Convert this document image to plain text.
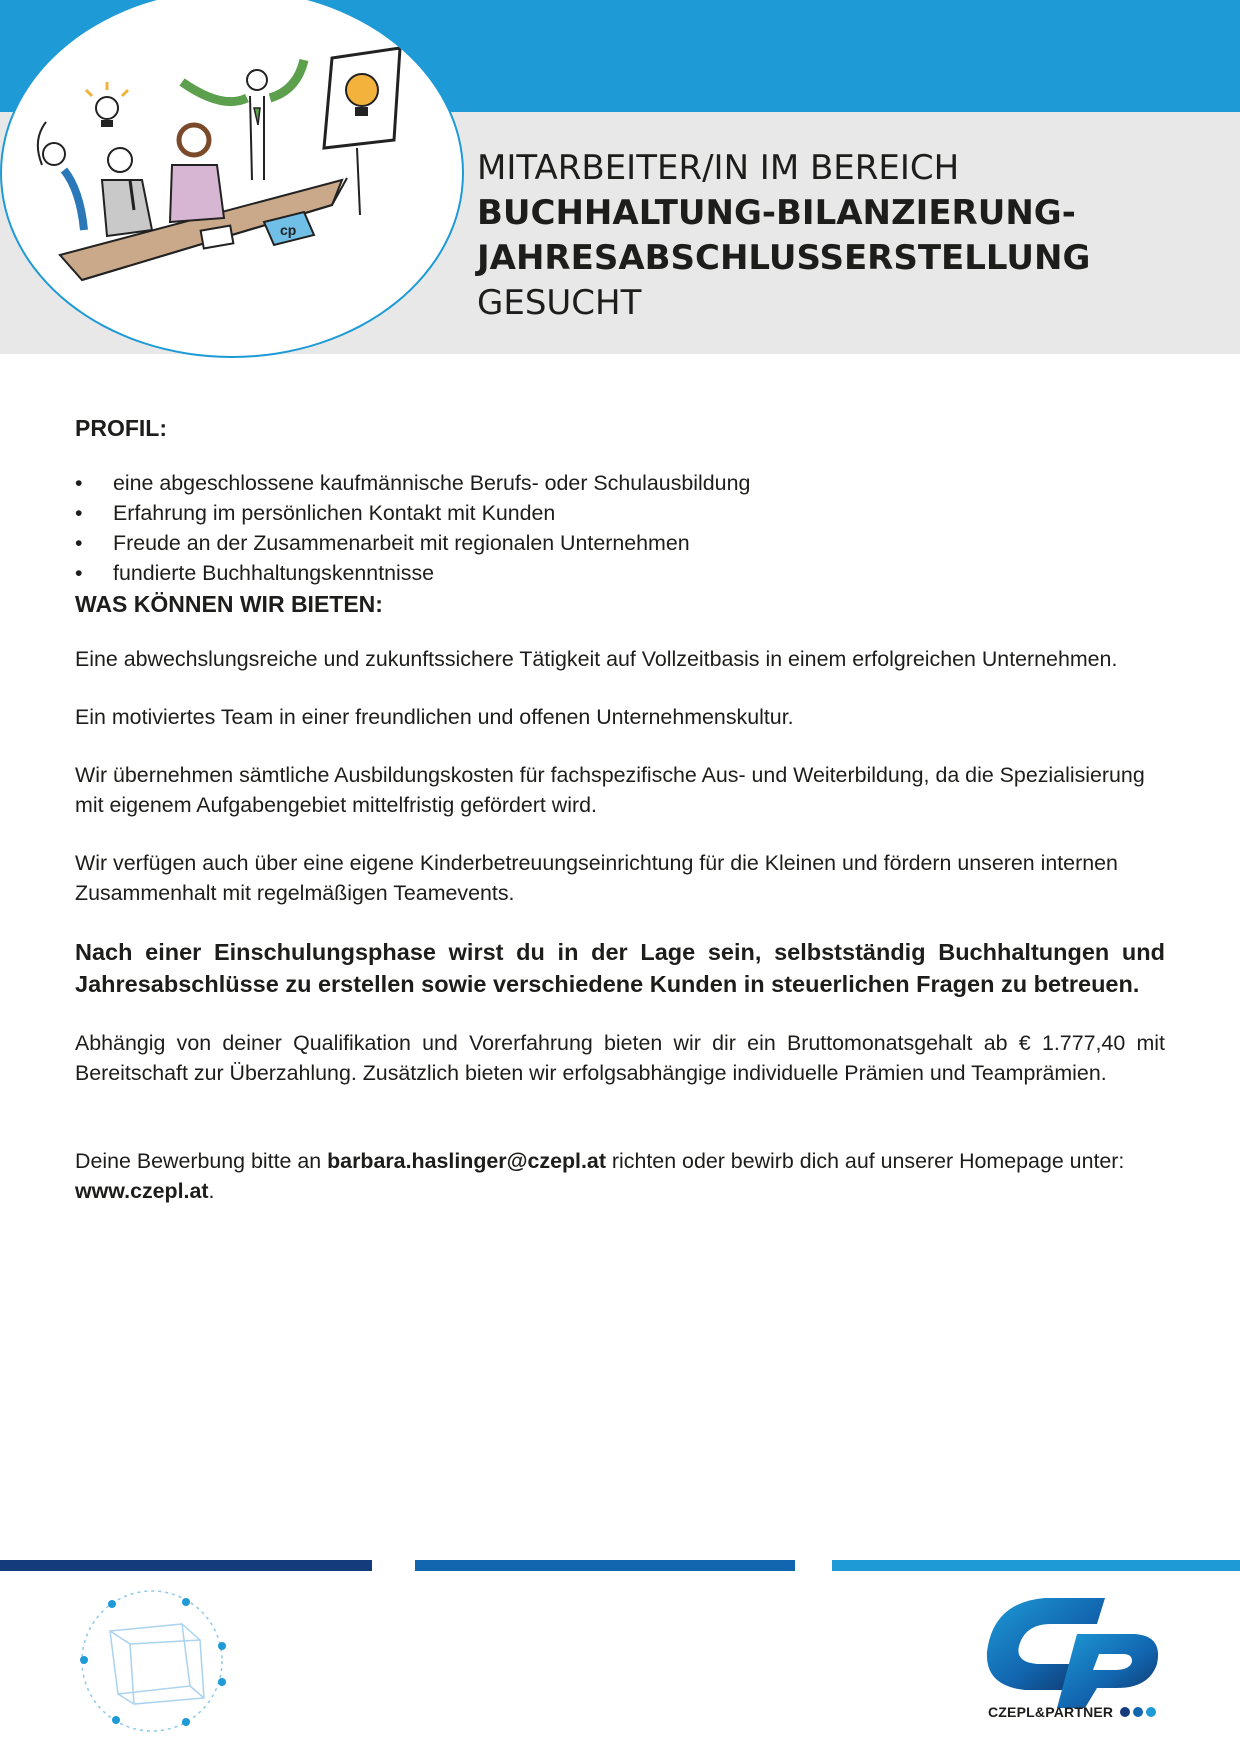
cp
MITARBEITER/IN IM BEREICH
BUCHHALTUNG-BILANZIERUNG-
JAHRESABSCHLUSSERSTELLUNG
GESUCHT
PROFIL:
• eine abgeschlossene kaufmännische Berufs- oder Schulausbildung
• Erfahrung im persönlichen Kontakt mit Kunden
• Freude an der Zusammenarbeit mit regionalen Unternehmen
• fundierte Buchhaltungskenntnisse
WAS KÖNNEN WIR BIETEN:

Eine abwechslungsreiche und zukunftssichere Tätigkeit auf Vollzeitbasis in einem erfolgreichen Unternehmen.

Ein motiviertes Team in einer freundlichen und offenen Unternehmenskultur.

Wir übernehmen sämtliche Ausbildungskosten für fachspezifische Aus- und Weiterbildung, da die Spezialisierung mit eigenem Aufgabengebiet mittelfristig gefördert wird.

Wir verfügen auch über eine eigene Kinderbetreuungseinrichtung für die Kleinen und fördern unseren internen Zusammenhalt mit regelmäßigen Teamevents.

Nach einer Einschulungsphase wirst du in der Lage sein, selbstständig Buchhaltungen und Jahresabschlüsse zu erstellen sowie verschiedene Kunden in steuerlichen Fragen zu betreuen.

Abhängig von deiner Qualifikation und Vorerfahrung bieten wir dir ein Bruttomonatsgehalt ab € 1.777,40 mit Bereitschaft zur Überzahlung. Zusätzlich bieten wir erfolgsabhängige individuelle Prämien und Teamprämien.

Deine Bewerbung bitte an barbara.haslinger@czepl.at richten oder bewirb dich auf unserer Homepage unter: www.czepl.at.

CZEPL&PARTNER
